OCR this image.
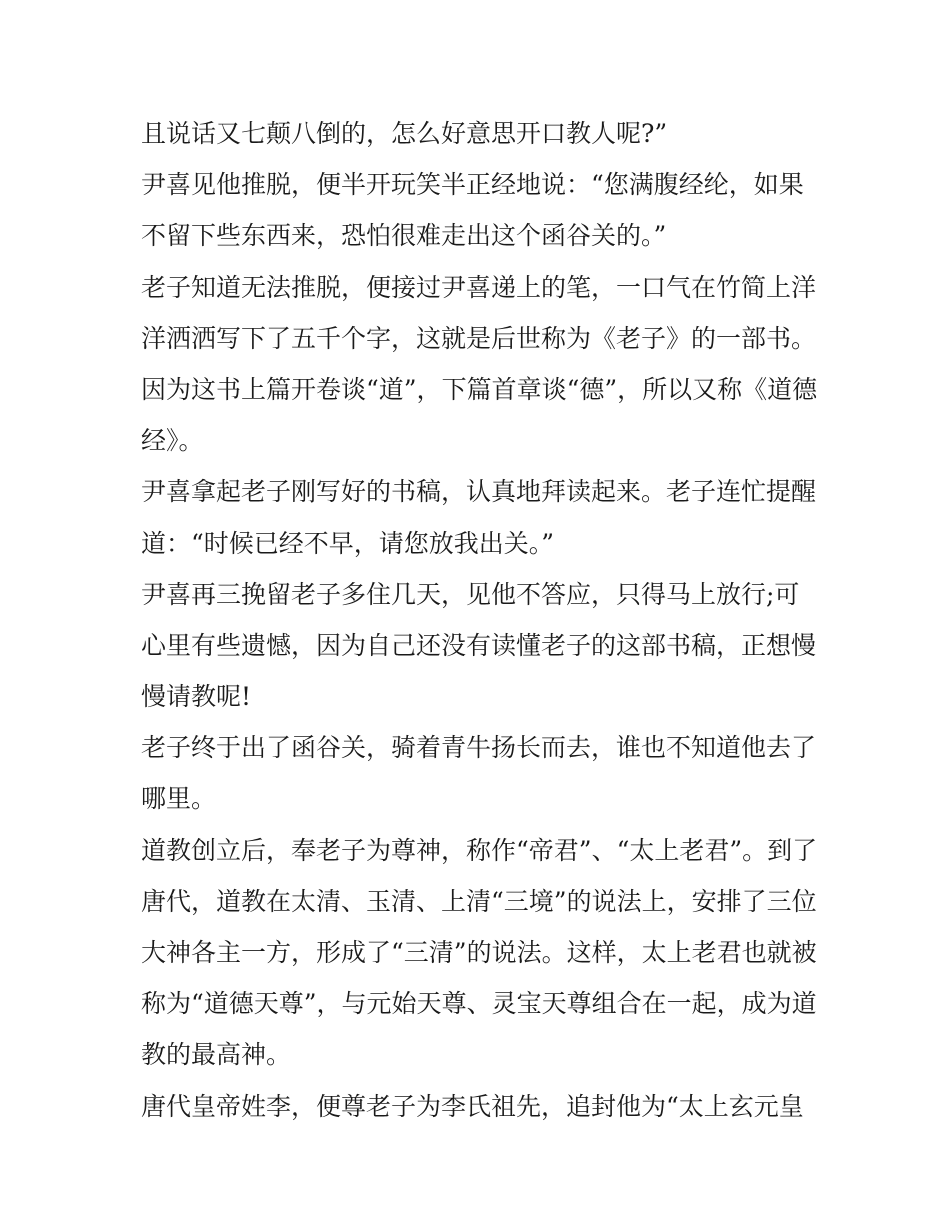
且说话又七颠八倒的，怎么好意思开口教人呢?”
尹喜见他推脱，便半开玩笑半正经地说：“您满腹经纶，如果
不留下些东西来，恐怕很难走出这个函谷关的。”
老子知道无法推脱，便接过尹喜递上的笔，一口气在竹简上洋
洋洒洒写下了五千个字，这就是后世称为《老子》的一部书。
因为这书上篇开卷谈“道”，下篇首章谈“德”，所以又称《道德
经》。
尹喜拿起老子刚写好的书稿，认真地拜读起来。老子连忙提醒
道：“时候已经不早，请您放我出关。”
尹喜再三挽留老子多住几天，见他不答应，只得马上放行;可
心里有些遗憾，因为自己还没有读懂老子的这部书稿，正想慢
慢请教呢!
老子终于出了函谷关，骑着青牛扬长而去，谁也不知道他去了
哪里。
道教创立后，奉老子为尊神，称作“帝君”、“太上老君”。到了
唐代，道教在太清、玉清、上清“三境”的说法上，安排了三位
大神各主一方，形成了“三清”的说法。这样，太上老君也就被
称为“道德天尊”，与元始天尊、灵宝天尊组合在一起，成为道
教的最高神。
唐代皇帝姓李，便尊老子为李氏祖先，追封他为“太上玄元皇
